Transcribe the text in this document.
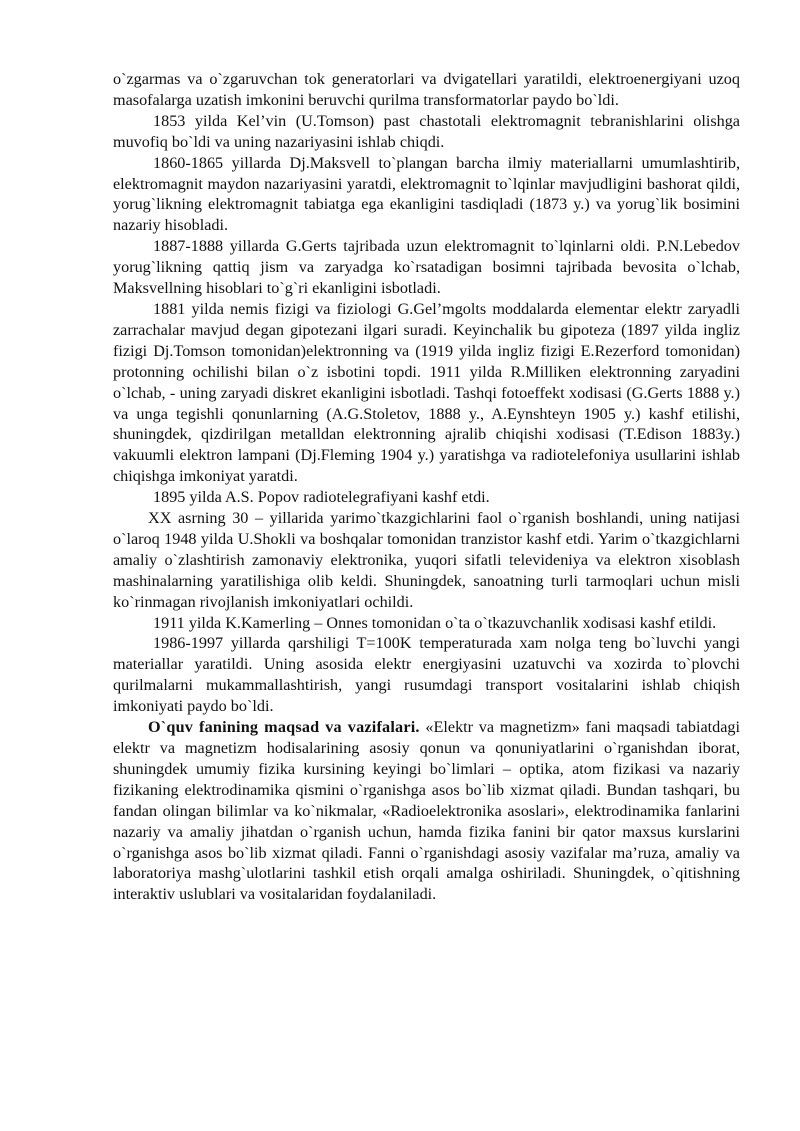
o`zgarmas va o`zgaruvchan tok generatorlari va dvigatellari yaratildi, elektroenergiyani uzoq masofalarga uzatish imkonini beruvchi qurilma transformatorlar paydo bo`ldi.

1853 yilda Kel’vin (U.Tomson) past chastotali elektromagnit tebranishlarini olishga muvofiq bo`ldi va uning nazariyasini ishlab chiqdi.

1860-1865 yillarda Dj.Maksvell to`plangan barcha ilmiy materiallarni umumlashtirib, elektromagnit maydon nazariyasini yaratdi, elektromagnit to`lqinlar mavjudligini bashorat qildi, yorug`likning elektromagnit tabiatga ega ekanligini tasdiqladi (1873 y.) va yorug`lik bosimini nazariy hisobladi.

1887-1888 yillarda G.Gerts tajribada uzun elektromagnit to`lqinlarni oldi. P.N.Lebedov yorug`likning qattiq jism va zaryadga ko`rsatadigan bosimni tajribada bevosita o`lchab, Maksvellning hisoblari to`g`ri ekanligini isbotladi.

1881 yilda nemis fizigi va fiziologi G.Gel’mgolts moddalarda elementar elektr zaryadli zarrachalar mavjud degan gipotezani ilgari suradi. Keyinchalik bu gipoteza (1897 yilda ingliz fizigi Dj.Tomson tomonidan)elektronning va (1919 yilda ingliz fizigi E.Rezerford tomonidan) protonning ochilishi bilan o`z isbotini topdi. 1911 yilda R.Milliken elektronning zaryadini o`lchab, - uning zaryadi diskret ekanligini isbotladi. Tashqi fotoeffekt xodisasi (G.Gerts 1888 y.) va unga tegishli qonunlarning (A.G.Stoletov, 1888 y., A.Eynshteyn 1905 y.) kashf etilishi, shuningdek, qizdirilgan metalldan elektronning ajralib chiqishi xodisasi (T.Edison 1883y.) vakuumli elektron lampani (Dj.Fleming 1904 y.) yaratishga va radiotelefoniya usullarini ishlab chiqishga imkoniyat yaratdi.

1895 yilda A.S. Popov radiotelegrafiyani kashf etdi.

XX asrning 30 – yillarida yarimo`tkazgichlarini faol o`rganish boshlandi, uning natijasi o`laroq 1948 yilda U.Shokli va boshqalar tomonidan tranzistor kashf etdi. Yarim o`tkazgichlarni amaliy o`zlashtirish zamonaviy elektronika, yuqori sifatli televideniya va elektron xisoblash mashinalarning yaratilishiga olib keldi. Shuningdek, sanoatning turli tarmoqlari uchun misli ko`rinmagan rivojlanish imkoniyatlari ochildi.

1911 yilda K.Kamerling – Onnes tomonidan o`ta o`tkazuvchanlik xodisasi kashf etildi.

1986-1997 yillarda qarshiligi T=100K temperaturada xam nolga teng bo`luvchi yangi materiallar yaratildi. Uning asosida elektr energiyasini uzatuvchi va xozirda to`plovchi qurilmalarni mukammallashtirish, yangi rusumdagi transport vositalarini ishlab chiqish imkoniyati paydo bo`ldi.

O`quv fanining maqsad va vazifalari. «Elektr va magnetizm» fani maqsadi tabiatdagi elektr va magnetizm hodisalarining asosiy qonun va qonuniyatlarini o`rganishdan iborat, shuningdek umumiy fizika kursining keyingi bo`limlari – optika, atom fizikasi va nazariy fizikaning elektrodinamika qismini o`rganishga asos bo`lib xizmat qiladi. Bundan tashqari, bu fandan olingan bilimlar va ko`nikmalar, «Radioelektronika asoslari», elektrodinamika fanlarini nazariy va amaliy jihatdan o`rganish uchun, hamda fizika fanini bir qator maxsus kurslarini o`rganishga asos bo`lib xizmat qiladi. Fanni o`rganishdagi asosiy vazifalar ma’ruza, amaliy va laboratoriya mashg`ulotlarini tashkil etish orqali amalga oshiriladi. Shuningdek, o`qitishning interaktiv uslublari va vositalaridan foydalaniladi.
